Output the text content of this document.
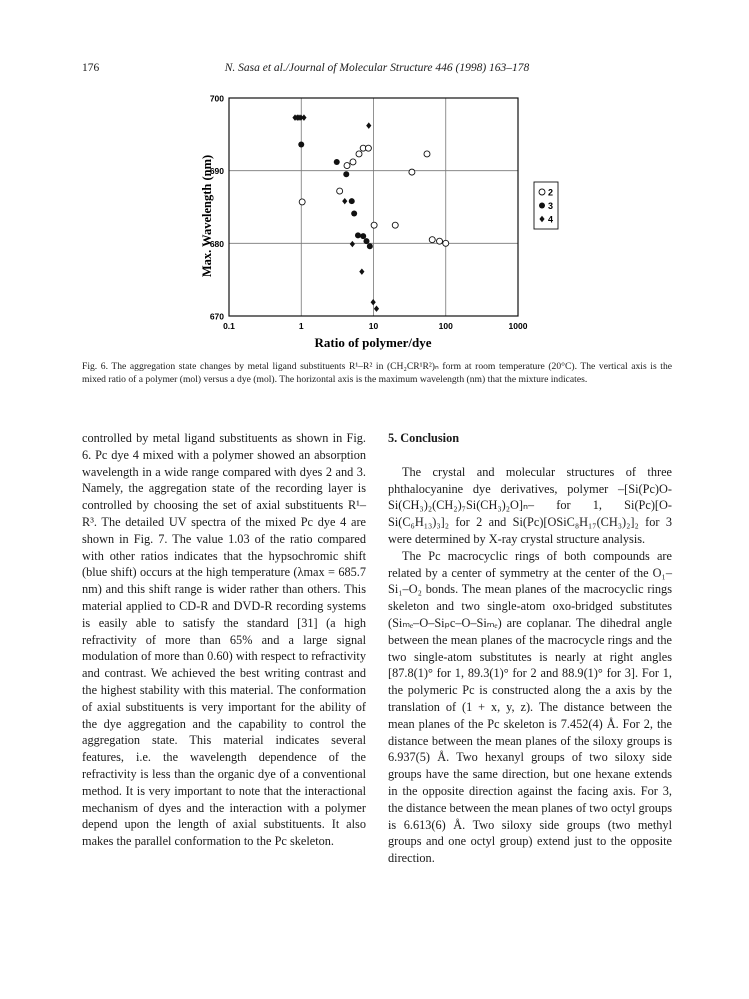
176	N. Sasa et al./Journal of Molecular Structure 446 (1998) 163–178
670
680
690
700
0.1	1	10	100	1000
Max. Wavelength (nm)
Ratio of polymer/dye
2
3
4
Fig. 6. The aggregation state changes by metal ligand substituents R¹–R² in (CH₂CR¹R²)ₙ form at room temperature (20°C). The vertical axis is the mixed ratio of a polymer (mol) versus a dye (mol). The horizontal axis is the maximum wavelength (nm) that the mixture indicates.

controlled by metal ligand substituents as shown in Fig. 6. Pc dye 4 mixed with a polymer showed an absorption wavelength in a wide range compared with dyes 2 and 3. Namely, the aggregation state of the recording layer is controlled by choosing the set of axial substituents R¹–R³. The detailed UV spectra of the mixed Pc dye 4 are shown in Fig. 7. The value 1.03 of the ratio compared with other ratios indicates that the hypsochromic shift (blue shift) occurs at the high temperature (λmax = 685.7 nm) and this shift range is wider rather than others. This material applied to CD-R and DVD-R recording systems is easily able to satisfy the standard [31] (a high refractivity of more than 65% and a large signal modulation of more than 0.60) with respect to refractivity and contrast. We achieved the best writing contrast and the highest stability with this material. The conformation of axial substituents is very important for the ability of the dye aggregation and the capability to control the aggregation state. This material indicates several features, i.e. the wavelength dependence of the refractivity is less than the organic dye of a conventional method. It is very important to note that the interactional mechanism of dyes and the interaction with a polymer depend upon the length of axial substituents. It also makes the parallel conformation to the Pc skeleton.

5. Conclusion

The crystal and molecular structures of three phthalocyanine dye derivatives, polymer –[Si(Pc)O-Si(CH₃)₂(CH₂)₇Si(CH₃)₂O]ₙ– for 1, Si(Pc)[O-Si(C₆H₁₃)₃]₂ for 2 and Si(Pc)[OSiC₈H₁₇(CH₃)₂]₂ for 3 were determined by X-ray crystal structure analysis.

The Pc macrocyclic rings of both compounds are related by a center of symmetry at the center of the O₁–Si₁–O₂ bonds. The mean planes of the macrocyclic rings skeleton and two single-atom oxo-bridged substitutes (Siₘₑ–O–Siₚc–O–Siₘₑ) are coplanar. The dihedral angle between the mean planes of the macrocycle rings and the two single-atom substitutes is nearly at right angles [87.8(1)° for 1, 89.3(1)° for 2 and 88.9(1)° for 3]. For 1, the polymeric Pc is constructed along the a axis by the translation of (1 + x, y, z). The distance between the mean planes of the Pc skeleton is 7.452(4) Å. For 2, the distance between the mean planes of the siloxy groups is 6.937(5) Å. Two hexanyl groups of two siloxy side groups have the same direction, but one hexane extends in the opposite direction against the facing axis. For 3, the distance between the mean planes of two octyl groups is 6.613(6) Å. Two siloxy side groups (two methyl groups and one octyl group) extend just to the opposite direction.
